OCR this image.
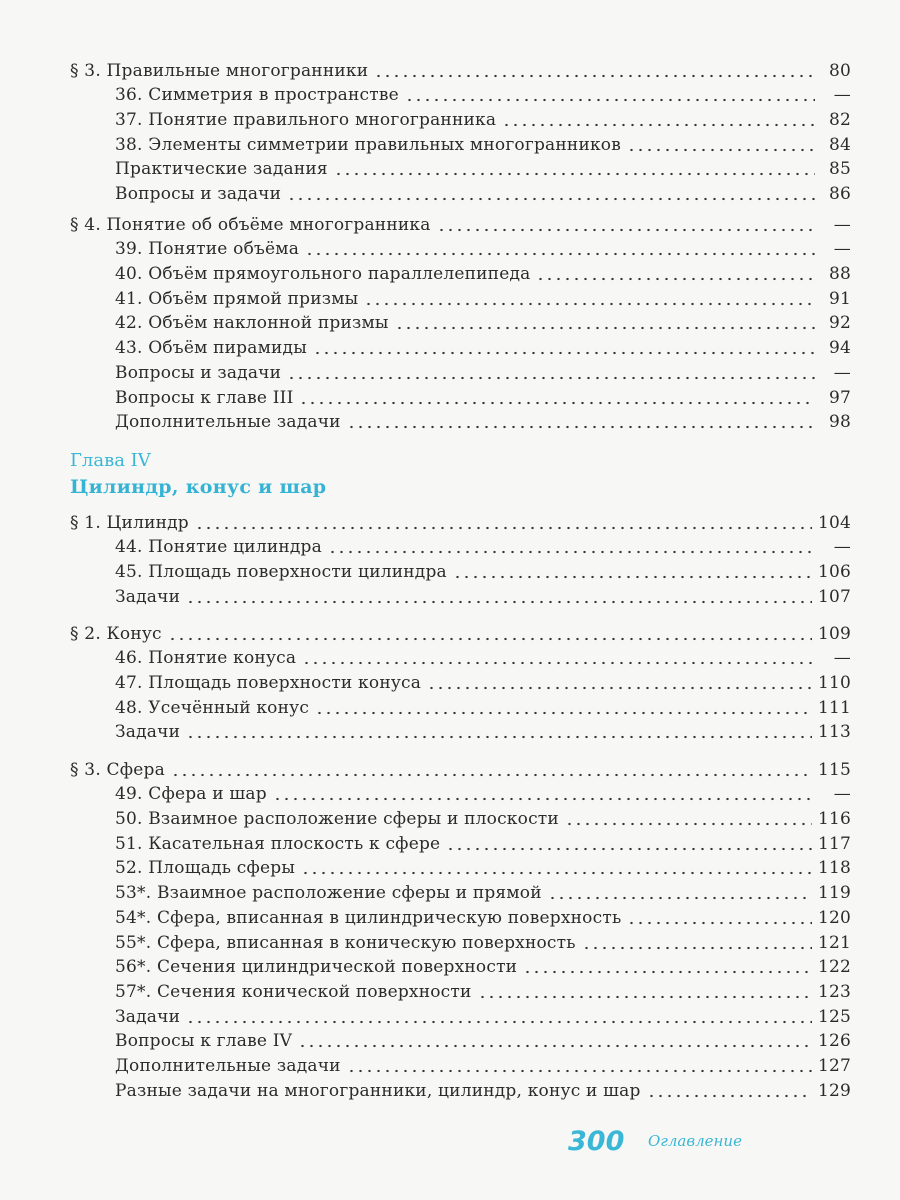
§ 3. Правильные многогранники	80
36. Симметрия в пространстве	—
37. Понятие правильного многогранника	82
38. Элементы симметрии правильных многогранников	84
Практические задания	85
Вопросы и задачи	86
§ 4. Понятие об объёме многогранника	—
39. Понятие объёма	—
40. Объём прямоугольного параллелепипеда	88
41. Объём прямой призмы	91
42. Объём наклонной призмы	92
43. Объём пирамиды	94
Вопросы и задачи	—
Вопросы к главе III	97
Дополнительные задачи	98
Глава IV
Цилиндр, конус и шар
§ 1. Цилиндр	104
44. Понятие цилиндра	—
45. Площадь поверхности цилиндра	106
Задачи	107
§ 2. Конус	109
46. Понятие конуса	—
47. Площадь поверхности конуса	110
48. Усечённый конус	111
Задачи	113
§ 3. Сфера	115
49. Сфера и шар	—
50. Взаимное расположение сферы и плоскости	116
51. Касательная плоскость к сфере	117
52. Площадь сферы	118
53*. Взаимное расположение сферы и прямой	119
54*. Сфера, вписанная в цилиндрическую поверхность	120
55*. Сфера, вписанная в коническую поверхность	121
56*. Сечения цилиндрической поверхности	122
57*. Сечения конической поверхности	123
Задачи	125
Вопросы к главе IV	126
Дополнительные задачи	127
Разные задачи на многогранники, цилиндр, конус и шар	129
300 Оглавление
